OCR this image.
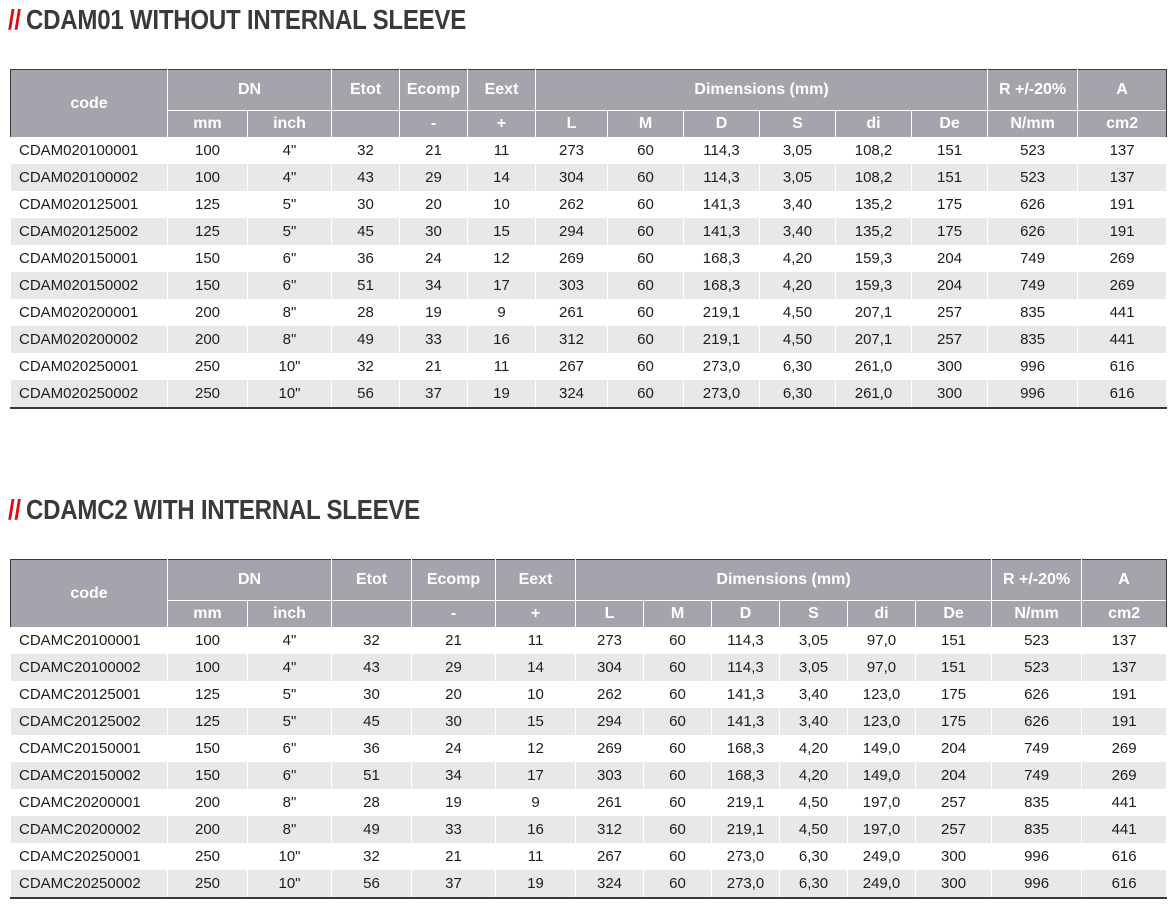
// CDAM01 WITHOUT INTERNAL SLEEVE
code	DN		Etot	Ecomp	Eext	Dimensions (mm)						R +/-20%	A
	mm	inch		-	+	L	M	D	S	di	De	N/mm	cm2
CDAM020100001	100	4"	32	21	11	273	60	114,3	3,05	108,2	151	523	137
CDAM020100002	100	4"	43	29	14	304	60	114,3	3,05	108,2	151	523	137
CDAM020125001	125	5"	30	20	10	262	60	141,3	3,40	135,2	175	626	191
CDAM020125002	125	5"	45	30	15	294	60	141,3	3,40	135,2	175	626	191
CDAM020150001	150	6"	36	24	12	269	60	168,3	4,20	159,3	204	749	269
CDAM020150002	150	6"	51	34	17	303	60	168,3	4,20	159,3	204	749	269
CDAM020200001	200	8"	28	19	9	261	60	219,1	4,50	207,1	257	835	441
CDAM020200002	200	8"	49	33	16	312	60	219,1	4,50	207,1	257	835	441
CDAM020250001	250	10"	32	21	11	267	60	273,0	6,30	261,0	300	996	616
CDAM020250002	250	10"	56	37	19	324	60	273,0	6,30	261,0	300	996	616
// CDAMC2 WITH INTERNAL SLEEVE
code	DN		Etot	Ecomp	Eext	Dimensions (mm)						R +/-20%	A
	mm	inch		-	+	L	M	D	S	di	De	N/mm	cm2
CDAMC20100001	100	4"	32	21	11	273	60	114,3	3,05	97,0	151	523	137
CDAMC20100002	100	4"	43	29	14	304	60	114,3	3,05	97,0	151	523	137
CDAMC20125001	125	5"	30	20	10	262	60	141,3	3,40	123,0	175	626	191
CDAMC20125002	125	5"	45	30	15	294	60	141,3	3,40	123,0	175	626	191
CDAMC20150001	150	6"	36	24	12	269	60	168,3	4,20	149,0	204	749	269
CDAMC20150002	150	6"	51	34	17	303	60	168,3	4,20	149,0	204	749	269
CDAMC20200001	200	8"	28	19	9	261	60	219,1	4,50	197,0	257	835	441
CDAMC20200002	200	8"	49	33	16	312	60	219,1	4,50	197,0	257	835	441
CDAMC20250001	250	10"	32	21	11	267	60	273,0	6,30	249,0	300	996	616
CDAMC20250002	250	10"	56	37	19	324	60	273,0	6,30	249,0	300	996	616
